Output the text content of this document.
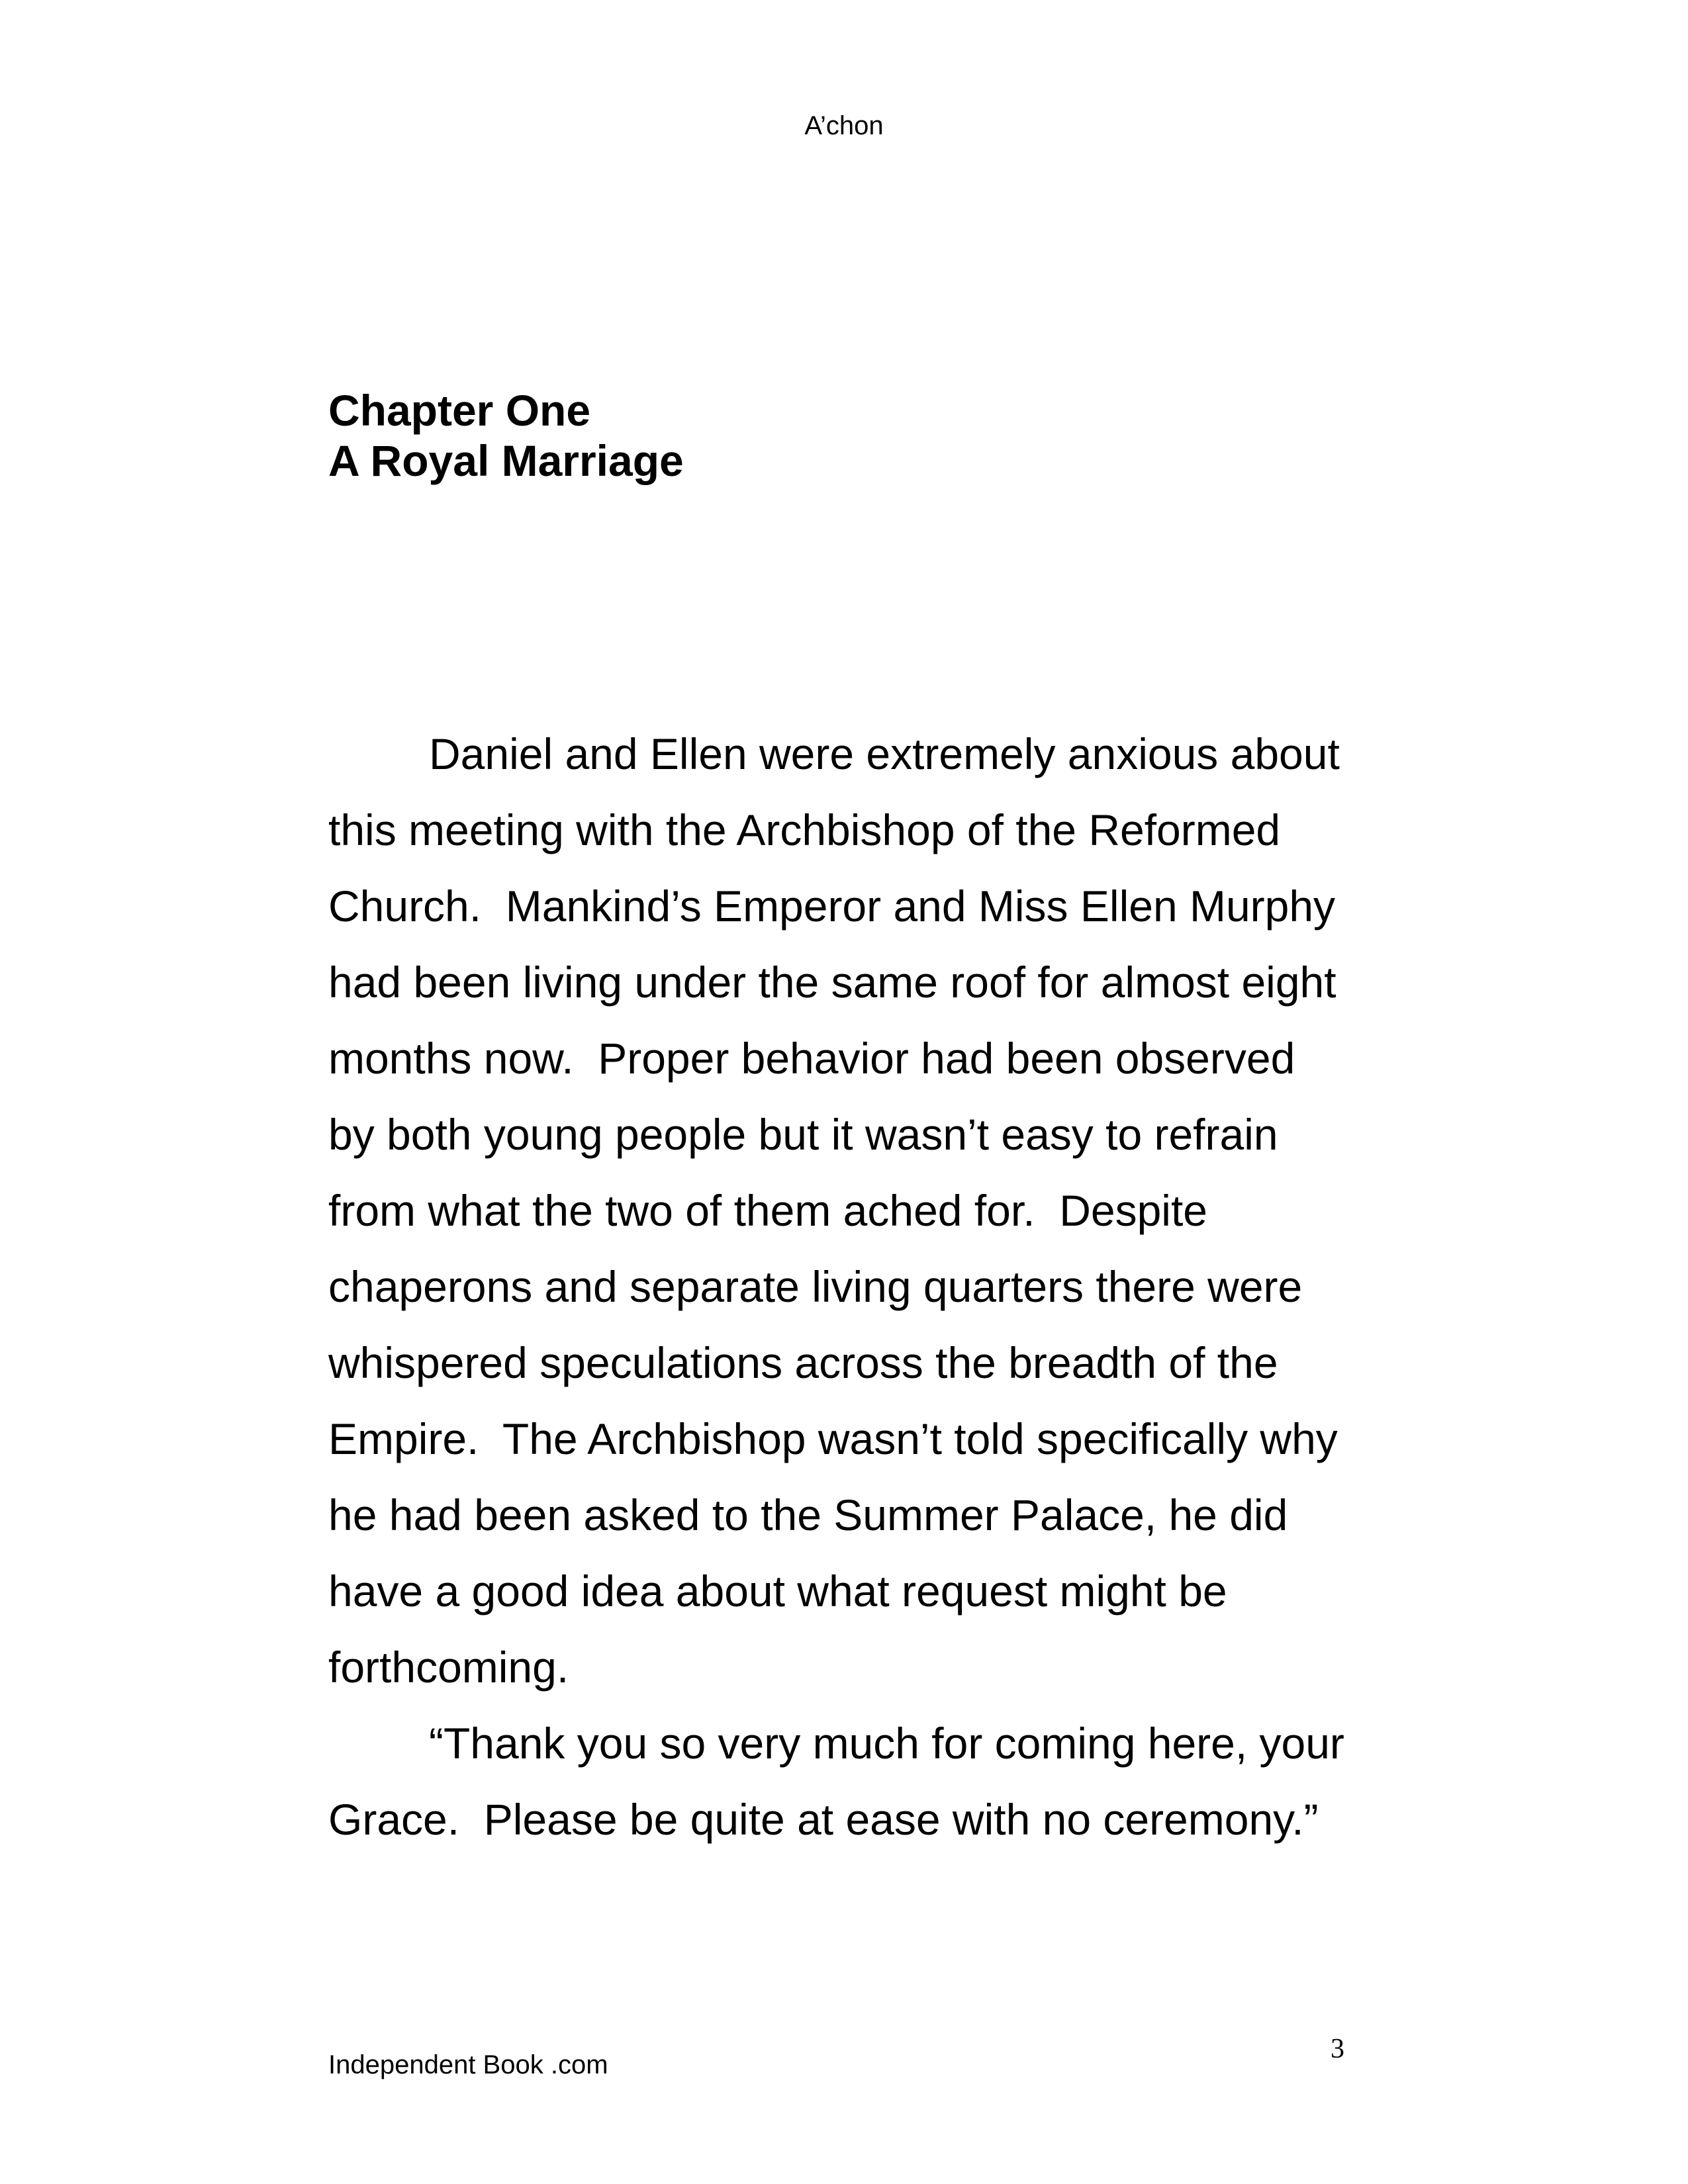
A’chon
Chapter One
A Royal Marriage
Daniel and Ellen were extremely anxious about
this meeting with the Archbishop of the Reformed
Church.  Mankind’s Emperor and Miss Ellen Murphy
had been living under the same roof for almost eight
months now.  Proper behavior had been observed
by both young people but it wasn’t easy to refrain
from what the two of them ached for.  Despite
chaperons and separate living quarters there were
whispered speculations across the breadth of the
Empire.  The Archbishop wasn’t told specifically why
he had been asked to the Summer Palace, he did
have a good idea about what request might be
forthcoming.
“Thank you so very much for coming here, your
Grace.  Please be quite at ease with no ceremony.”
Independent Book .com
3
